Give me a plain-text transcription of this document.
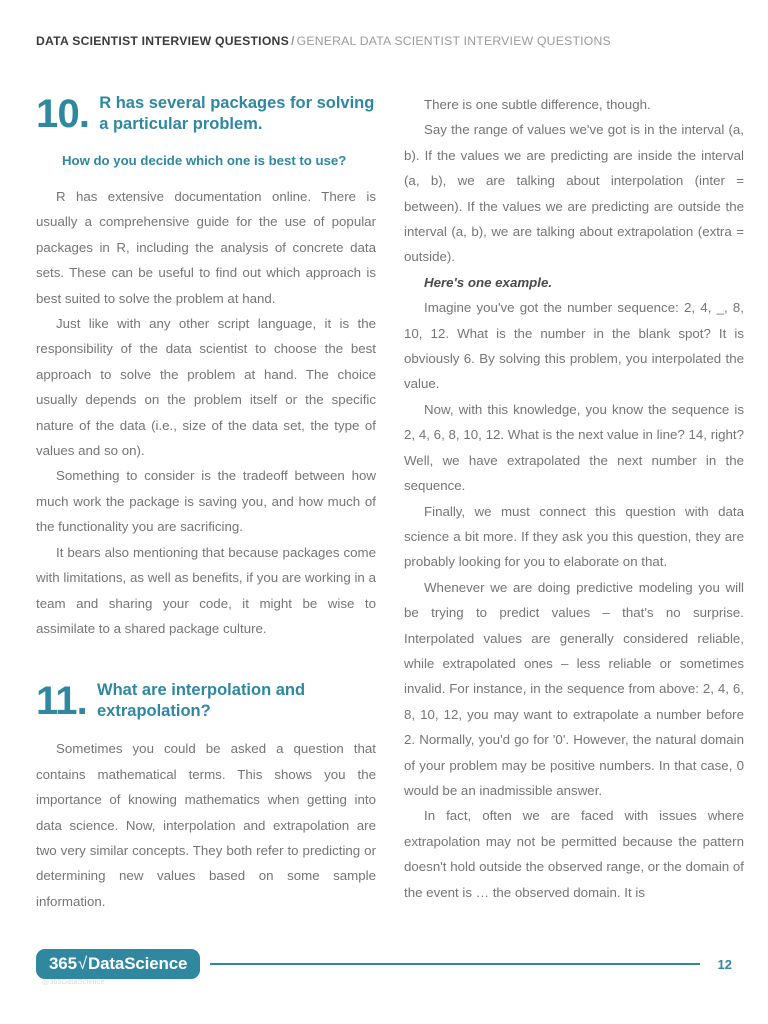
DATA SCIENTIST INTERVIEW QUESTIONS / GENERAL DATA SCIENTIST INTERVIEW QUESTIONS
10. R has several packages for solving a particular problem.
How do you decide which one is best to use?

R has extensive documentation online. There is usually a comprehensive guide for the use of popular packages in R, including the analysis of concrete data sets. These can be useful to find out which approach is best suited to solve the problem at hand.

Just like with any other script language, it is the responsibility of the data scientist to choose the best approach to solve the problem at hand. The choice usually depends on the problem itself or the specific nature of the data (i.e., size of the data set, the type of values and so on).

Something to consider is the tradeoff between how much work the package is saving you, and how much of the functionality you are sacrificing.

It bears also mentioning that because packages come with limitations, as well as benefits, if you are working in a team and sharing your code, it might be wise to assimilate to a shared package culture.

11. What are interpolation and extrapolation?

Sometimes you could be asked a question that contains mathematical terms. This shows you the importance of knowing mathematics when getting into data science. Now, interpolation and extrapolation are two very similar concepts. They both refer to predicting or determining new values based on some sample information.

There is one subtle difference, though.

Say the range of values we've got is in the interval (a, b). If the values we are predicting are inside the interval (a, b), we are talking about interpolation (inter = between). If the values we are predicting are outside the interval (a, b), we are talking about extrapolation (extra = outside).

Here's one example.

Imagine you've got the number sequence: 2, 4, _, 8, 10, 12. What is the number in the blank spot? It is obviously 6. By solving this problem, you interpolated the value.

Now, with this knowledge, you know the sequence is 2, 4, 6, 8, 10, 12. What is the next value in line? 14, right? Well, we have extrapolated the next number in the sequence.

Finally, we must connect this question with data science a bit more. If they ask you this question, they are probably looking for you to elaborate on that.

Whenever we are doing predictive modeling you will be trying to predict values – that's no surprise. Interpolated values are generally considered reliable, while extrapolated ones – less reliable or sometimes invalid. For instance, in the sequence from above: 2, 4, 6, 8, 10, 12, you may want to extrapolate a number before 2. Normally, you'd go for '0'. However, the natural domain of your problem may be positive numbers. In that case, 0 would be an inadmissible answer.

In fact, often we are faced with issues where extrapolation may not be permitted because the pattern doesn't hold outside the observed range, or the domain of the event is … the observed domain. It is

365√DataScience
@365DataScience
12
